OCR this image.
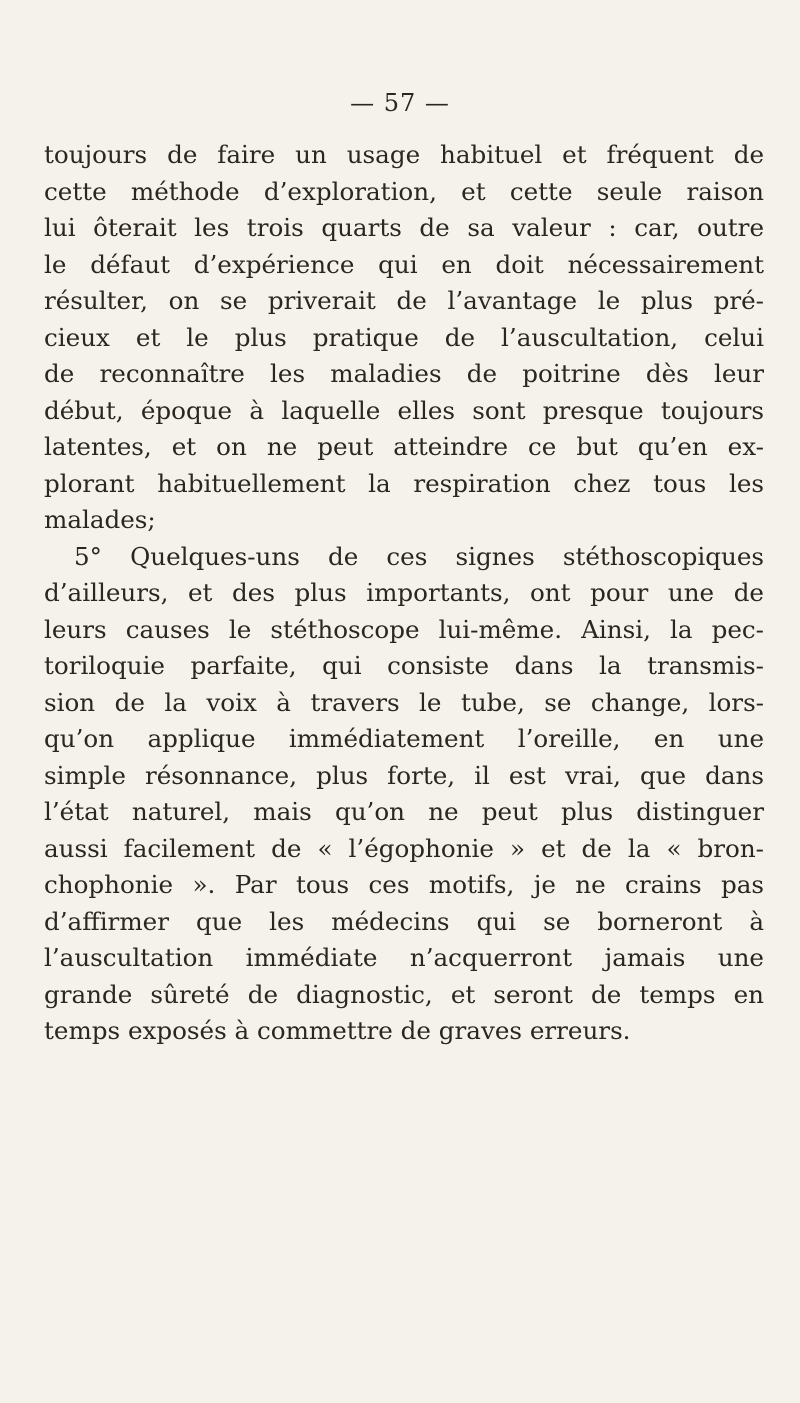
— 57 —
toujours de faire un usage habituel et fréquent de
cette méthode d’exploration, et cette seule raison
lui ôterait les trois quarts de sa valeur : car, outre
le défaut d’expérience qui en doit nécessairement
résulter, on se priverait de l’avantage le plus pré-
cieux et le plus pratique de l’auscultation, celui
de reconnaître les maladies de poitrine dès leur
début, époque à laquelle elles sont presque toujours
latentes, et on ne peut atteindre ce but qu’en ex-
plorant habituellement la respiration chez tous les
malades;
5° Quelques-uns de ces signes stéthoscopiques
d’ailleurs, et des plus importants, ont pour une de
leurs causes le stéthoscope lui-même. Ainsi, la pec-
toriloquie parfaite, qui consiste dans la transmis-
sion de la voix à travers le tube, se change, lors-
qu’on applique immédiatement l’oreille, en une
simple résonnance, plus forte, il est vrai, que dans
l’état naturel, mais qu’on ne peut plus distinguer
aussi facilement de « l’égophonie » et de la « bron-
chophonie ». Par tous ces motifs, je ne crains pas
d’affirmer que les médecins qui se borneront à
l’auscultation immédiate n’acquerront jamais une
grande sûreté de diagnostic, et seront de temps en
temps exposés à commettre de graves erreurs.
